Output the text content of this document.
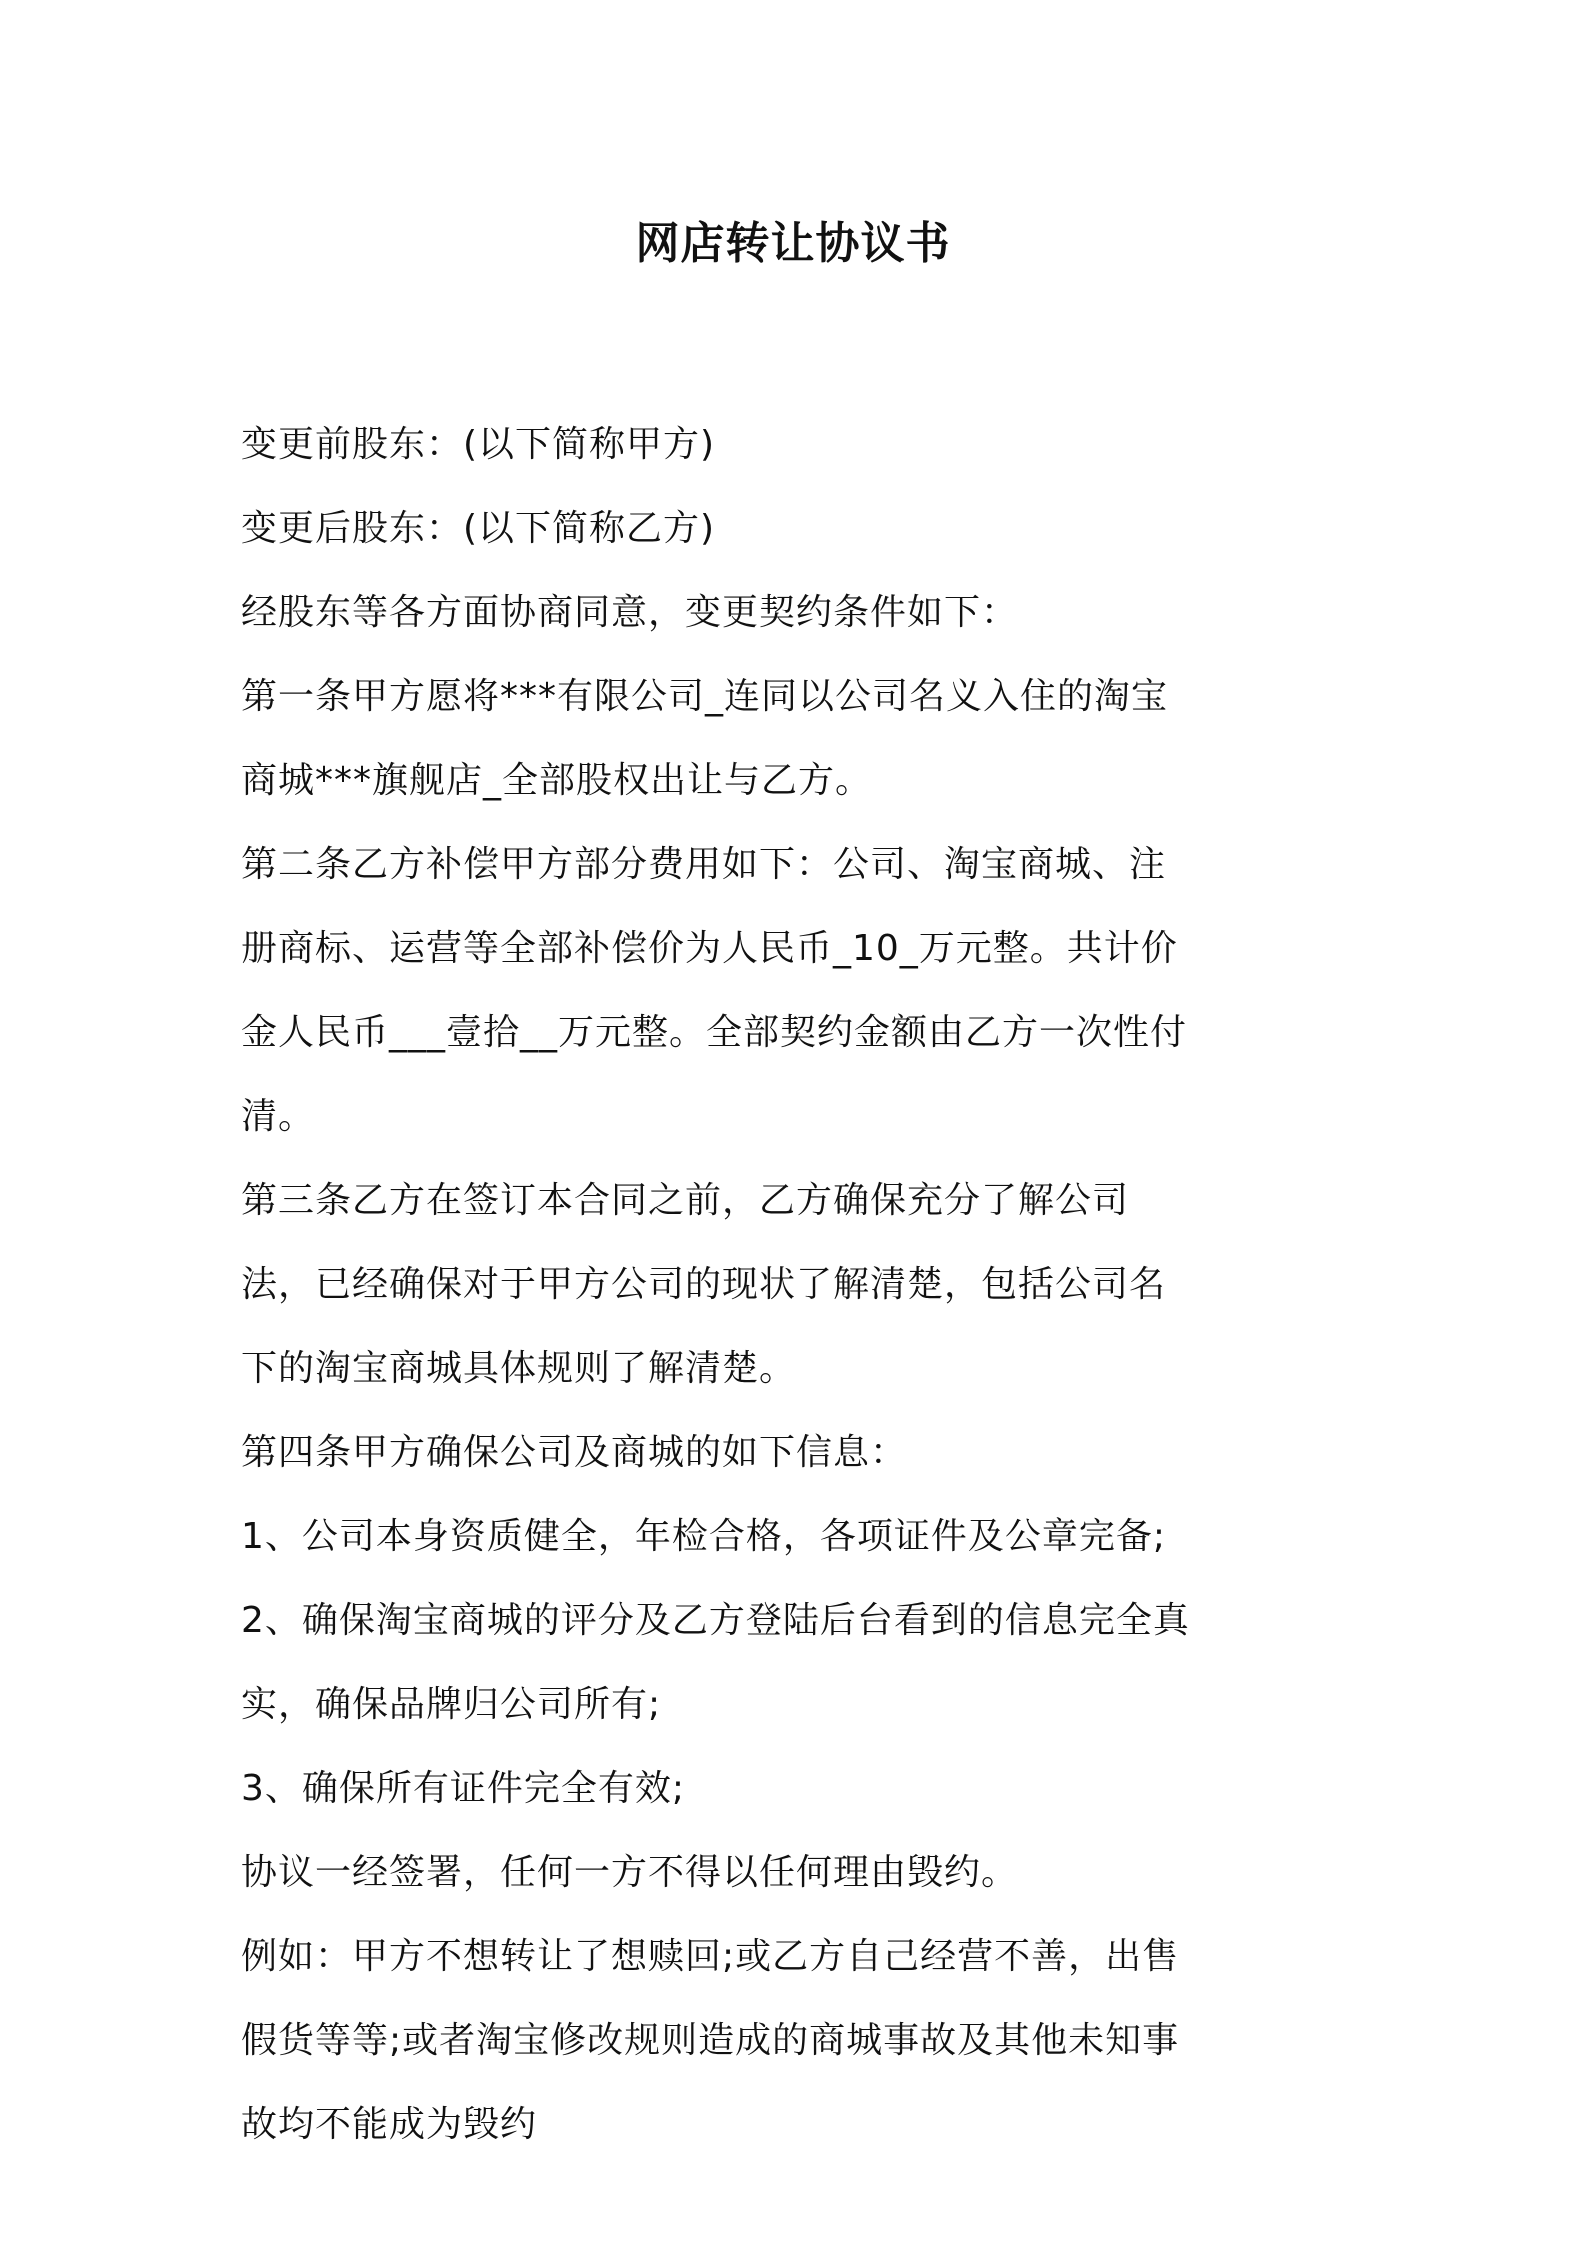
网店转让协议书

变更前股东：(以下简称甲方)

变更后股东：(以下简称乙方)

经股东等各方面协商同意，变更契约条件如下：

第一条甲方愿将***有限公司_连同以公司名义入住的淘宝商城***旗舰店_全部股权出让与乙方。

第二条乙方补偿甲方部分费用如下：公司、淘宝商城、注册商标、运营等全部补偿价为人民币_10_万元整。共计价金人民币___壹拾__万元整。全部契约金额由乙方一次性付清。

第三条乙方在签订本合同之前，乙方确保充分了解公司法，已经确保对于甲方公司的现状了解清楚，包括公司名下的淘宝商城具体规则了解清楚。

第四条甲方确保公司及商城的如下信息：

1、公司本身资质健全，年检合格，各项证件及公章完备;

2、确保淘宝商城的评分及乙方登陆后台看到的信息完全真实，确保品牌归公司所有;

3、确保所有证件完全有效;

协议一经签署，任何一方不得以任何理由毁约。

例如：甲方不想转让了想赎回;或乙方自己经营不善，出售假货等等;或者淘宝修改规则造成的商城事故及其他未知事故均不能成为毁约
